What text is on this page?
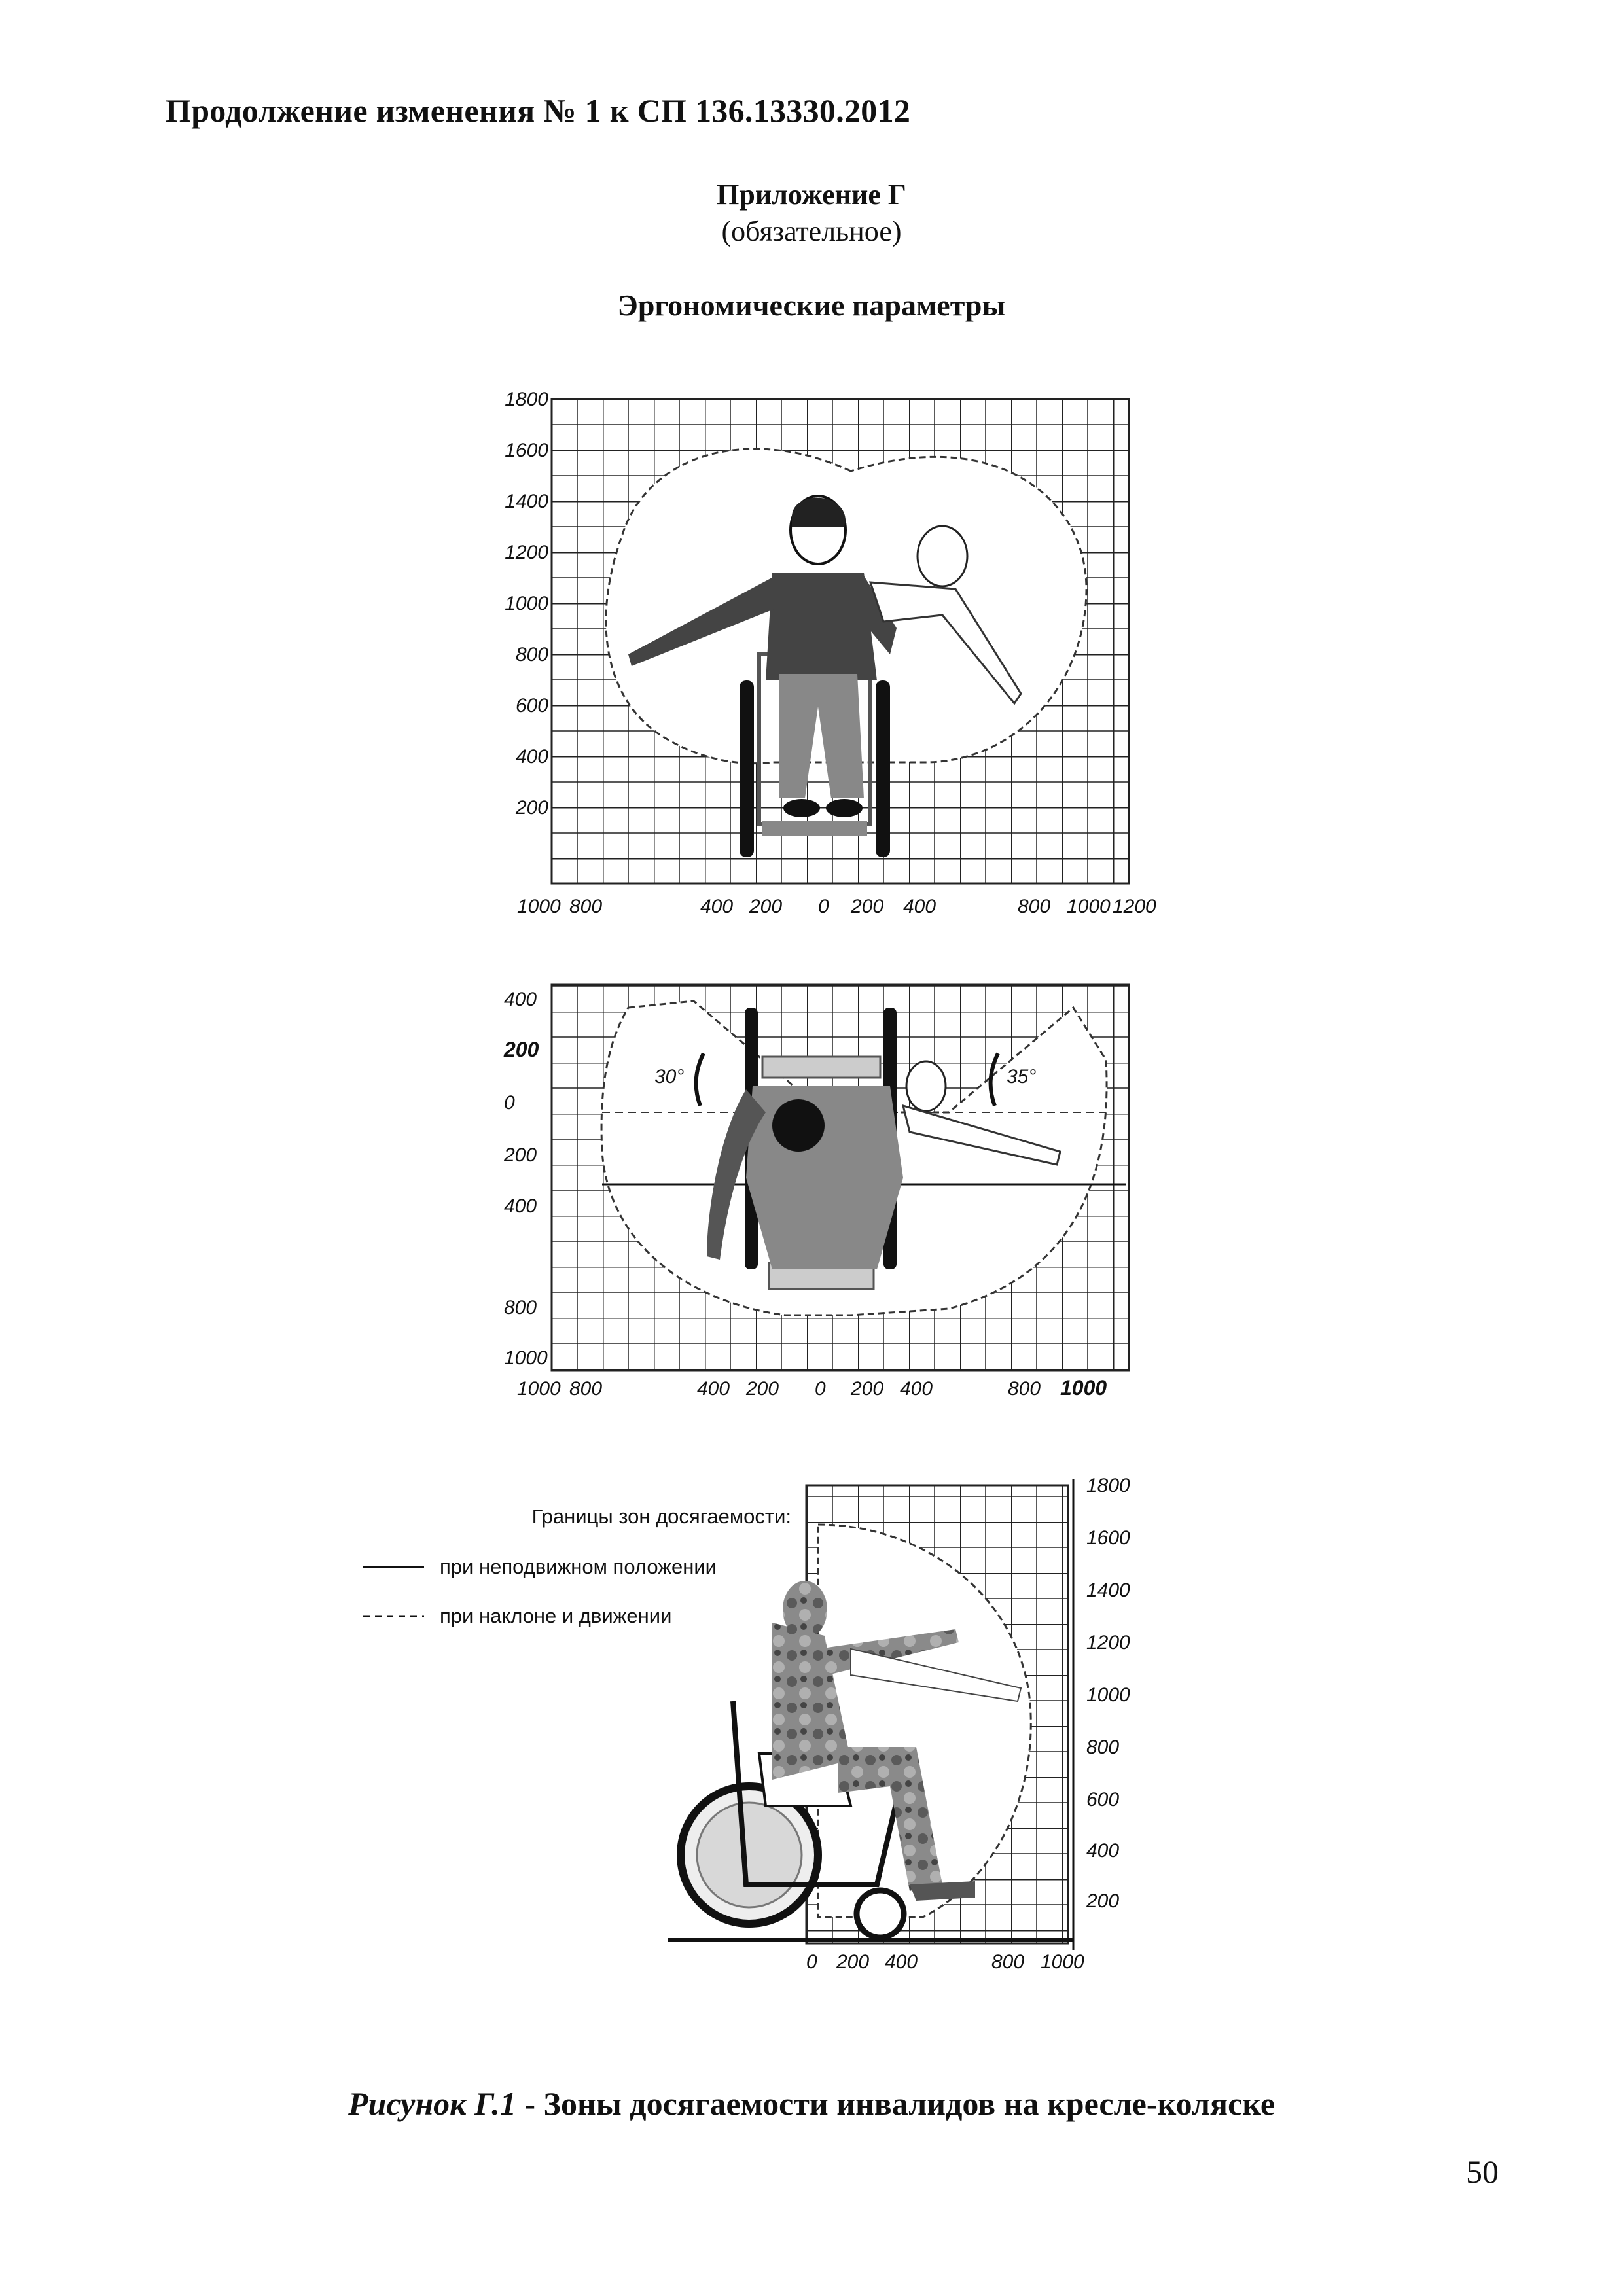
Продолжение изменения № 1 к СП 136.13330.2012
Приложение Г
(обязательное)
Эргономические параметры
1800
1600
1400
1200
1000
800
600
400
200
1000 800	400 200 0 200 400	800 1000 1200
30°	35°
400
200
0
200
400
800
1000
1000 800	400 200 0 200 400	800 1000
Границы зон досягаемости:
при неподвижном положении
при наклоне и движении
1800
1600
1400
1200
1000
800
600
400
200
0 200 400	800 1000
Рисунок Г.1 - Зоны досягаемости инвалидов на кресле-коляске
50
